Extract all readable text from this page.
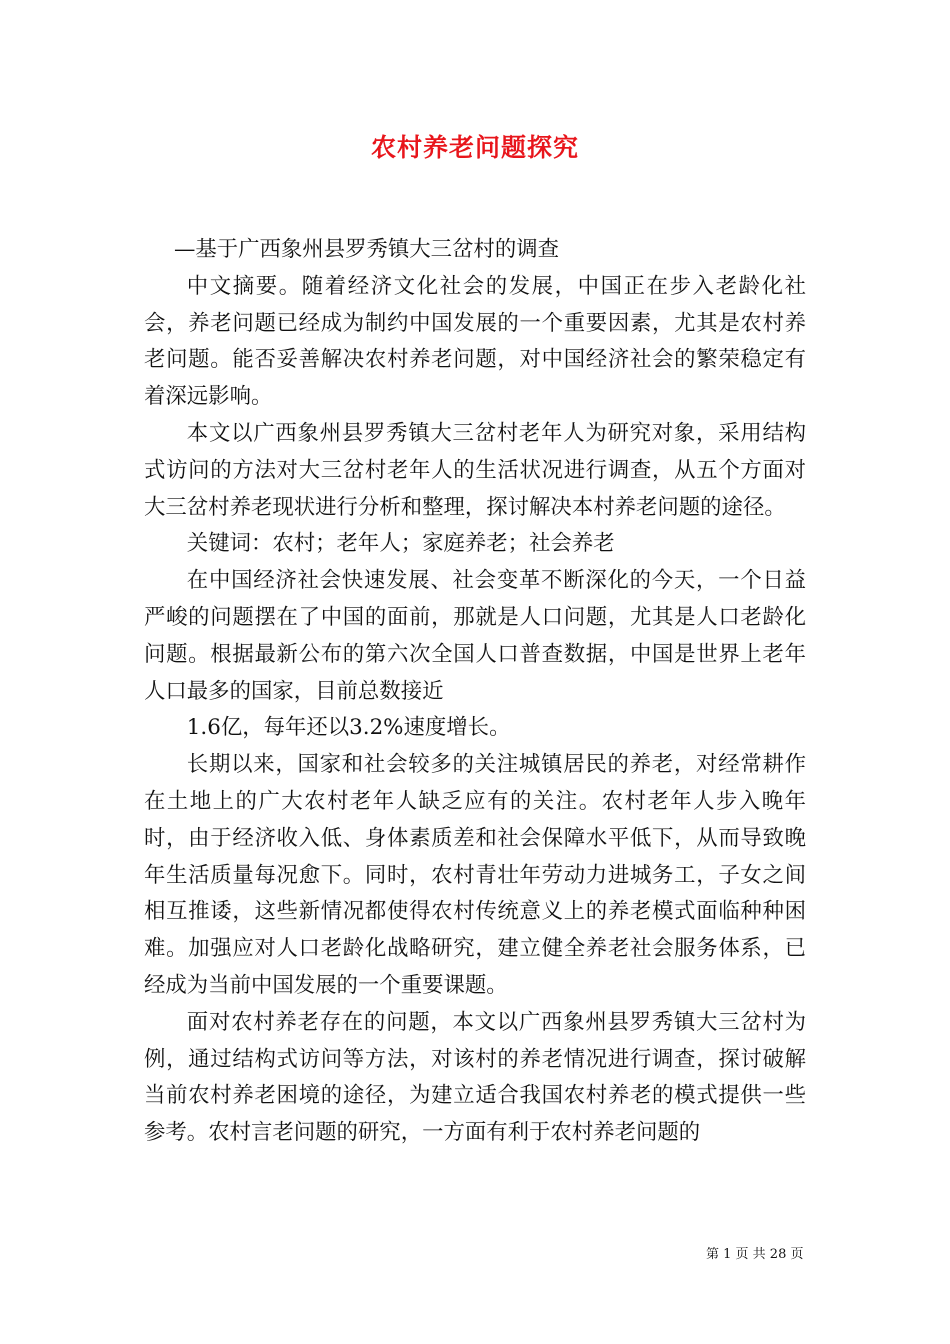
农村养老问题探究

—基于广西象州县罗秀镇大三岔村的调查

中文摘要。随着经济文化社会的发展，中国正在步入老龄化社会，养老问题已经成为制约中国发展的一个重要因素，尤其是农村养老问题。能否妥善解决农村养老问题，对中国经济社会的繁荣稳定有着深远影响。

本文以广西象州县罗秀镇大三岔村老年人为研究对象，采用结构式访问的方法对大三岔村老年人的生活状况进行调查，从五个方面对大三岔村养老现状进行分析和整理，探讨解决本村养老问题的途径。

关键词：农村；老年人；家庭养老；社会养老

在中国经济社会快速发展、社会变革不断深化的今天，一个日益严峻的问题摆在了中国的面前，那就是人口问题，尤其是人口老龄化问题。根据最新公布的第六次全国人口普查数据，中国是世界上老年人口最多的国家，目前总数接近

1.6亿，每年还以3.2%速度增长。

长期以来，国家和社会较多的关注城镇居民的养老，对经常耕作在土地上的广大农村老年人缺乏应有的关注。农村老年人步入晚年时，由于经济收入低、身体素质差和社会保障水平低下，从而导致晚年生活质量每况愈下。同时，农村青壮年劳动力进城务工，子女之间相互推诿，这些新情况都使得农村传统意义上的养老模式面临种种困难。加强应对人口老龄化战略研究，建立健全养老社会服务体系，已经成为当前中国发展的一个重要课题。

面对农村养老存在的问题，本文以广西象州县罗秀镇大三岔村为例，通过结构式访问等方法，对该村的养老情况进行调查，探讨破解当前农村养老困境的途径，为建立适合我国农村养老的模式提供一些参考。农村言老问题的研究，一方面有利于农村养老问题的

第 1 页 共 28 页
